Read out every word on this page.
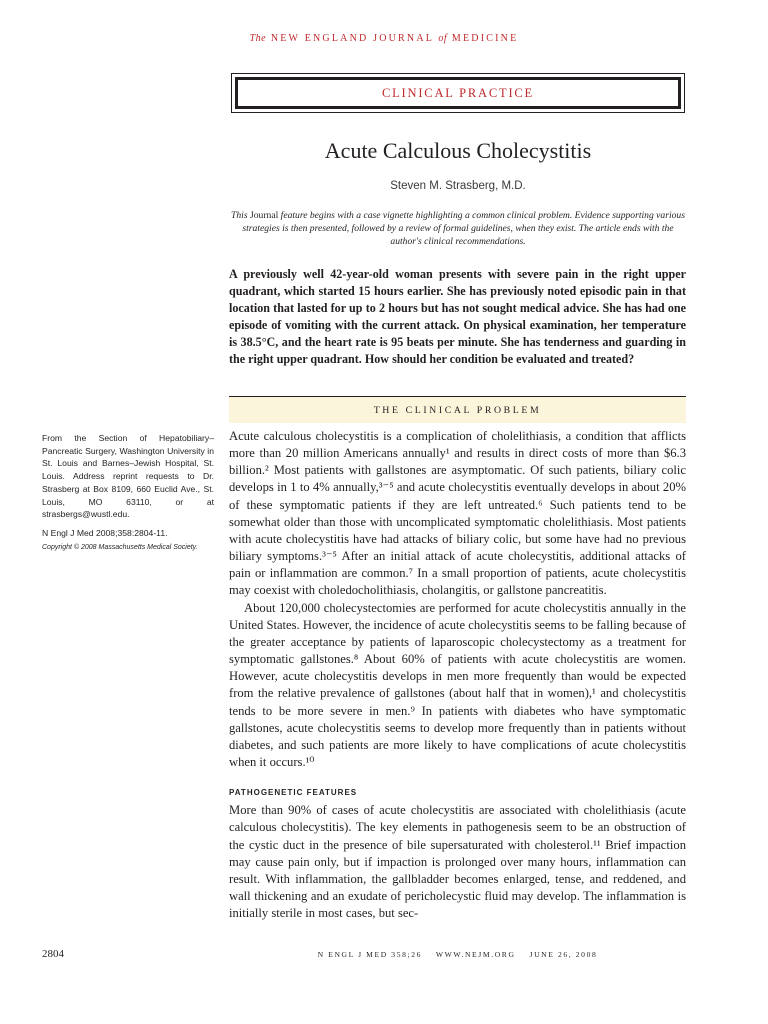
The NEW ENGLAND JOURNAL of MEDICINE
CLINICAL PRACTICE
Acute Calculous Cholecystitis
Steven M. Strasberg, M.D.
This Journal feature begins with a case vignette highlighting a common clinical problem. Evidence supporting various strategies is then presented, followed by a review of formal guidelines, when they exist. The article ends with the author's clinical recommendations.
A previously well 42-year-old woman presents with severe pain in the right upper quadrant, which started 15 hours earlier. She has previously noted episodic pain in that location that lasted for up to 2 hours but has not sought medical advice. She has had one episode of vomiting with the current attack. On physical examination, her temperature is 38.5°C, and the heart rate is 95 beats per minute. She has tenderness and guarding in the right upper quadrant. How should her condition be evaluated and treated?
THE CLINICAL PROBLEM
From the Section of Hepatobiliary–Pancreatic Surgery, Washington University in St. Louis and Barnes–Jewish Hospital, St. Louis. Address reprint requests to Dr. Strasberg at Box 8109, 660 Euclid Ave., St. Louis, MO 63110, or at strasbergs@wustl.edu.
N Engl J Med 2008;358:2804-11.
Copyright © 2008 Massachusetts Medical Society.

Acute calculous cholecystitis is a complication of cholelithiasis, a condition that afflicts more than 20 million Americans annually¹ and results in direct costs of more than $6.3 billion.² Most patients with gallstones are asymptomatic. Of such patients, biliary colic develops in 1 to 4% annually,³⁻⁵ and acute cholecystitis eventually develops in about 20% of these symptomatic patients if they are left untreated.⁶ Such patients tend to be somewhat older than those with uncomplicated symptomatic cholelithiasis. Most patients with acute cholecystitis have had attacks of biliary colic, but some have had no previous biliary symptoms.³⁻⁵ After an initial attack of acute cholecystitis, additional attacks of pain or inflammation are common.⁷ In a small proportion of patients, acute cholecystitis may coexist with choledocholithiasis, cholangitis, or gallstone pancreatitis.

About 120,000 cholecystectomies are performed for acute cholecystitis annually in the United States. However, the incidence of acute cholecystitis seems to be falling because of the greater acceptance by patients of laparoscopic cholecystectomy as a treatment for symptomatic gallstones.⁸ About 60% of patients with acute cholecystitis are women. However, acute cholecystitis develops in men more frequently than would be expected from the relative prevalence of gallstones (about half that in women),¹ and cholecystitis tends to be more severe in men.⁹ In patients with diabetes who have symptomatic gallstones, acute cholecystitis seems to develop more frequently than in patients without diabetes, and such patients are more likely to have complications of acute cholecystitis when it occurs.¹⁰

PATHOGENETIC FEATURES

More than 90% of cases of acute cholecystitis are associated with cholelithiasis (acute calculous cholecystitis). The key elements in pathogenesis seem to be an obstruction of the cystic duct in the presence of bile supersaturated with cholesterol.¹¹ Brief impaction may cause pain only, but if impaction is prolonged over many hours, inflammation can result. With inflammation, the gallbladder becomes enlarged, tense, and reddened, and wall thickening and an exudate of pericholecystic fluid may develop. The inflammation is initially sterile in most cases, but sec-

2804	N ENGL J MED 358;26 WWW.NEJM.ORG JUNE 26, 2008
